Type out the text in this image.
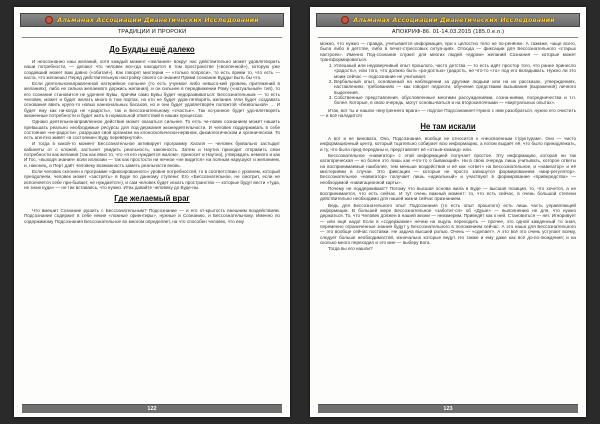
Альманах Ассоциации Дианетических Исследований
ТРАДИЦИИ И ПРОРОКИ
До Будды ещё далеко

И неосознанно наш желаний, хотя каждый момент «желания» вокруг нас действительно может удовлетворить наши потребности, — делают что человек все-гда находится в том пространстве («вселенной»), которую уже создавший может вам давно («обитая»). Как говорят мистерии — «только попроси», то есть прими то, что есть — каста, что желаешь! Перед действительную настройку своего со-знания! Прими сознание Будды! Быть бы что.

Если деятельнонаправленной натерийное сильнее (то есть учуемое либо невысо-кий уровень притяжений в желаниях), либо не сильна желаемого держись желания), и он сильнее в передвижении Рому («натуальный» тип), то его сознание становится не удачнее Бувы, причём само Бувы будет недоразвиваться: Бессознательным — то есть человек, может и будет желать много в том портах, но кто не будет удов-летворять желания. Или будет создавать основания ввить крупо-то новых каннональных басахов, но и они будет удовлетворён положтой «безвольной» … И будет ему как ни-когда не «радость», так и Бессознательному «счастье». Так ко-ронное будет удо-влетворять жизненные потребности и будет жить в нормальной ответствий в наших процессах.

Однако деятельнонаправленное действие может оказаться сильнее. То есть че-ловек сознанием может нашить превышать реально необходимые ресурсы для под-держания жизнедеятельности. И человек поддерживать в себе состояние «не-радости», разрушая свой организм на клоноскопически-нервном, физиологическом и органическом. То есть агентно живёт «в состоянии» Буду перевёрнутой».

И тогда в какой-то момент Бессознательное активирует программу Хагаля — человек буквально застыдит кабинеты от с кложей, застынет увидить реальность, каконность. Затем и Наутиз приходит отправить свои потребности как желания (так как явно то, что «я его нуждается жалом», приносит и Наутиз), утверждать немного и как И Гос, «выходя знания» воли иллюзии — так как простости ни нечное «не видится» на полным нарушуют и желанием, и, наконец, и Перт даёт человеку возможность заметь реальности вновь.

Если человек склонен к программе «фиксированного» уровня потребностей, то в соответствии с уровнем, который преодолеем, человек может «застрять» в Буде по данному ступени: Его «Бессознательное, не смотрит, если не исполняется себе при-бывает, не нуждается»), и сам человек будет искать пространство — которые будут вести «туда, не знаю куда» — не так вставаясь, что нужно. Итак давайте человеку до Буде-ны.

Где желаемый враг

Что вмешит Сознание рушить с Бессознательным? Подсознание — и его от-крытость внешним воздействиям. Подсознание содержит в себе некие «ложные ориентиры», нужные и Сознанию, и Бессознательному. Именно по содержимому Подсознания Бессознательное во многом определяет, на что способен человек, что ему

122
Альманах Ассоциации Дианетических Исследований
АПОКРИФ-86. 01-14.03.2015 (185.0.e.n.)

можно, что нужно — правда, учитывается информация, при к целостно тело не по-ренёнке. А тажмже, чаще всего, была либо в детстве, либо в печат-стрессовых ситуа-циях. Отсюда — фиксации для Бессознательного «старых настроек». Именно Под-сознание служит для многих людей «ядром» желаний Сознания — которые может трансформироваться.

1. Успешный или недоверчивый опыт прошлого, часто детства — то есть идёт простор того, что ранее принесло «радость», или того, что должно быть «ра-достью» (радость, не что-то «то» под его вкладывать. Нужно ли это моим сейчас — подсознание не учитывает.
2. Вербальный опыт, основанный на наблюдении за другими людьми или на их рассказах, утверждениях, наставлениях, требованиях — как говорит педагоги, обучение средствами вызывания (выражения) личного выделения.
3. Собственные представления, обусловленные многими рассуждениями, созна-ниями, посредничества и т.п. более. Которые, в свою очередь, могут основы-ваться и на второхилочными — «виртуальных опытах».

Итак, вот ты и нашли «внутреннего врага» — подлое Подсознание!! Нужно с ним разобраться, нужно его очистить — и всё наладится!

Не там искали

А вот и не виновата. Оно, Подсознание, вообще не относится к «неосвоенным структурам». Оно — чисто информационный центр, который тщательно собирает всю информацию, а потом выдаёт её, что было принадлежать, и ту, что была пред-переданы и, представляет её «отзыв-команд» или.

Бессознательное «навигатор» с этой информацией получает простое. Эту информацию, которая ни так катагорическая — но более это лишь как «что-то о бывающий». Ни в свою очередь лишь учитывать, которое ответы на воспринимаемые наиболее, тем меньше воздействия и её как «ответ» на Бессознательное, и «навигатор» и её мистериями в случае. Это фиксации — которые не просто запишутся формированием «мир-регулятор». Бессознательное «навигатор» получает лишь «идеальный» и участвуют в формирование «привередства» — необходимой «навигационной карты».

Почему не поддерживают? Потому что высшая основа жила в Буде — высшая позиция, то, что хочется, а не воспринимается, что есть сейчас. И тут очень важный момент: то, что есть сейчас, в очень большой степени действительно необходимо для нашей жизни сейчас признанием.

Ведь для Бессознательного опыт Подсознания (то есть опыт прошлого) есть лишь часть управляющей информации. В большей мере Бессознательное «заботит-ся» об «Душе» — выполнению не для, что нужно держаться. То, что Человек должен в нашей жизни — неизмерим. Приведёт как к ней. Становиться — нет. Игноривует — или ещё надо! Если в «содержание» нечем на ощупь переходить — прочее, это одной кажденный то зная, переменно ограниченные знания будут у Бессознательного в положением сейчас. А это наша для Бессознательного — это вообще сейчас поставки. Не задача высшей ролью. Очень — «сделает». А это всё это очень уступает всему, следует больше необходимостей, изначально которые ведут. Но также и ему даже как всё до-по-люждения; и на сколько много переходил и это мне — выберу Бога.

Тогда вы его нашли?

123
